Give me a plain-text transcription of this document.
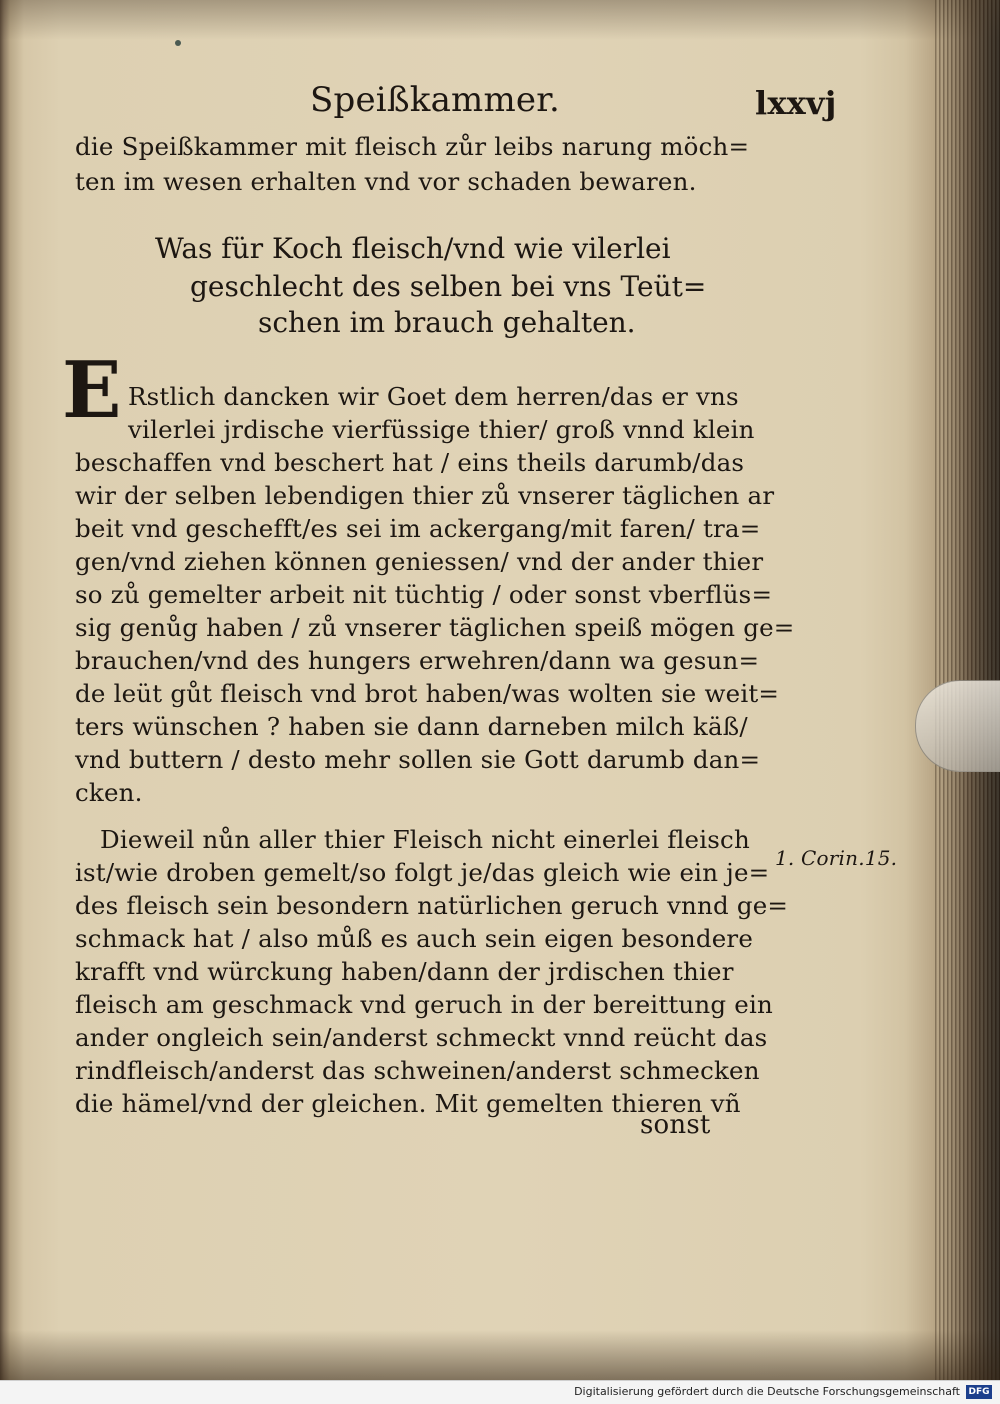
Speißkammer.	lxxvj
die Speißkammer mit fleisch zůr leibs narung möch=
ten im wesen erhalten vnd vor schaden bewaren.
Was für Koch fleisch/vnd wie vilerlei
geschlecht des selben bei vns Teüt=
schen im brauch gehalten.
E Rstlich dancken wir Goet dem herren/das er vns
vilerlei jrdische vierfüssige thier/ groß vnnd klein
beschaffen vnd beschert hat / eins theils darumb/das
wir der selben lebendigen thier zů vnserer täglichen ar
beit vnd geschefft/es sei im ackergang/mit faren/ tra=
gen/vnd ziehen können geniessen/ vnd der ander thier
so zů gemelter arbeit nit tüchtig / oder sonst vberflüs=
sig genůg haben / zů vnserer täglichen speiß mögen ge=
brauchen/vnd des hungers erwehren/dann wa gesun=
de leüt gůt fleisch vnd brot haben/was wolten sie weit=
ters wünschen ? haben sie dann darneben milch käß/
vnd buttern / desto mehr sollen sie Gott darumb dan=
cken.
Dieweil nůn aller thier Fleisch nicht einerlei fleisch
ist/wie droben gemelt/so folgt je/das gleich wie ein je=
des fleisch sein besondern natürlichen geruch vnnd ge=
schmack hat / also můß es auch sein eigen besondere
krafft vnd würckung haben/dann der jrdischen thier
fleisch am geschmack vnd geruch in der bereittung ein
ander ongleich sein/anderst schmeckt vnnd reücht das
rindfleisch/anderst das schweinen/anderst schmecken
die hämel/vnd der gleichen. Mit gemelten thieren vñ
1. Corin.15.
sonst
Digitalisierung gefördert durch die Deutsche Forschungsgemeinschaft DFG
